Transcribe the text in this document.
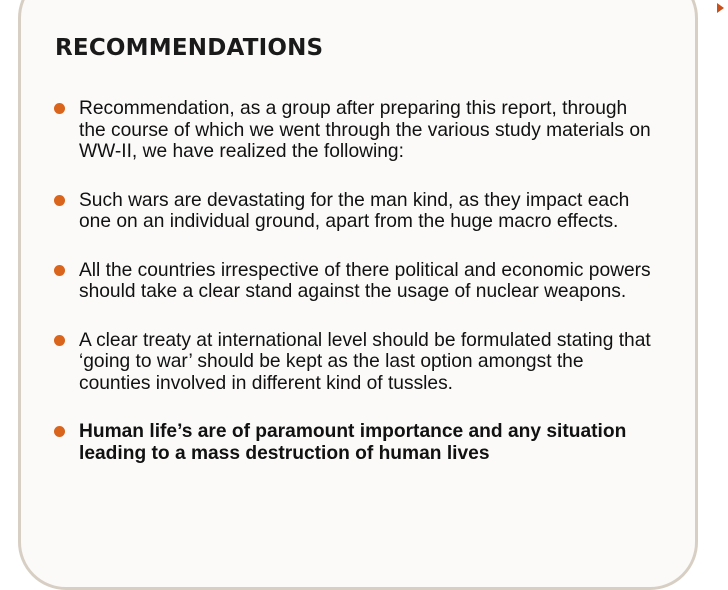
RECOMMENDATIONS
Recommendation, as a group after preparing this report, through the course of which we went through the various study materials on WW-II, we have realized the following:
Such wars are devastating for the man kind, as they impact each one on an individual ground, apart from the huge macro effects.
All the countries irrespective of there political and economic powers should take a clear stand against the usage of nuclear weapons.
A clear treaty at international level should be formulated stating that ‘going to war’ should be kept as the last option amongst the counties involved in different kind of tussles.
Human life’s are of paramount importance and any situation leading to a mass destruction of human lives
